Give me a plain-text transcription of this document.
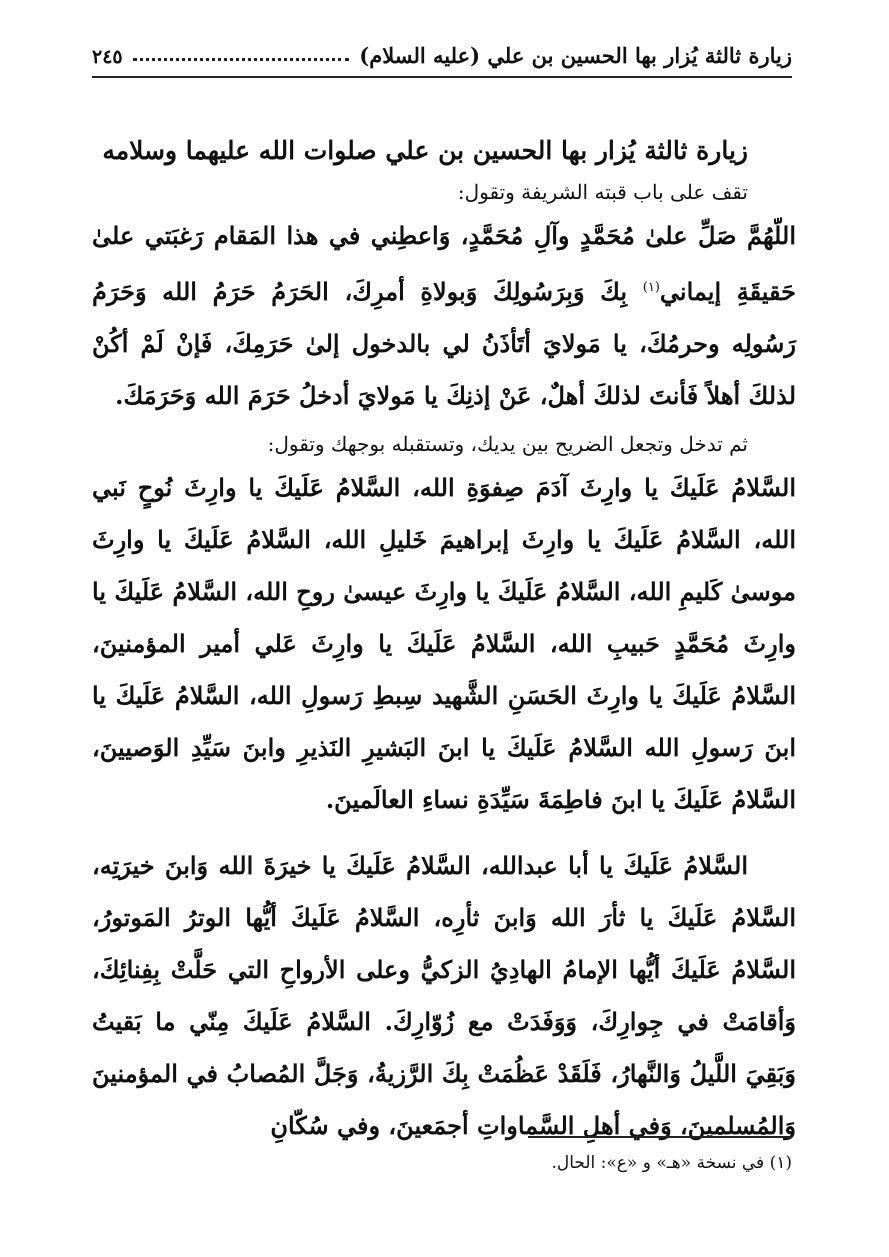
زيارة ثالثة يُزار بها الحسين بن علي (عليه السلام)
٢٤٥

زيارة ثالثة يُزار بها الحسين بن علي صلوات الله عليهما وسلامه

تقف على باب قبته الشريفة وتقول:

اللّهُمَّ صَلِّ علىٰ مُحَمَّدٍ وآلِ مُحَمَّدٍ، وَاعطِني في هذا المَقام رَغبَتي علىٰ حَقيقَةِ إيماني$^{(١)}$ بِكَ وَبِرَسُولِكَ وَبولاةِ أمرِكَ، الحَرَمُ حَرَمُ الله وَحَرَمُ رَسُولِه وحرمُكَ، يا مَولايَ أتَأذَنُ لي بالدخول إلىٰ حَرَمِكَ، فَإنْ لَمْ أكُنْ لذلكَ أهلاً فَأنتَ لذلكَ أهلٌ، عَنْ إذنِكَ يا مَولايَ أدخلُ حَرَمَ الله وَحَرَمَكَ.

ثم تدخل وتجعل الضريح بين يديك، وتستقبله بوجهك وتقول:

السَّلامُ عَلَيكَ يا وارِثَ آدَمَ صِفوَةِ الله، السَّلامُ عَلَيكَ يا وارِثَ نُوحٍ نَبي الله، السَّلامُ عَلَيكَ يا وارِثَ إبراهيمَ خَليلِ الله، السَّلامُ عَلَيكَ يا وارِثَ موسىٰ كَليمِ الله، السَّلامُ عَلَيكَ يا وارِثَ عيسىٰ روحِ الله، السَّلامُ عَلَيكَ يا وارِثَ مُحَمَّدٍ حَبيبِ الله، السَّلامُ عَلَيكَ يا وارِثَ عَلي أمير المؤمنينَ، السَّلامُ عَلَيكَ يا وارِثَ الحَسَنِ الشَّهيد سِبطِ رَسولِ الله، السَّلامُ عَلَيكَ يا ابنَ رَسولِ الله السَّلامُ عَلَيكَ يا ابنَ البَشيرِ النَذيرِ وابنَ سَيِّدِ الوَصيينَ، السَّلامُ عَلَيكَ يا ابنَ فاطِمَةَ سَيِّدَةِ نساءِ العالَمينَ.

السَّلامُ عَلَيكَ يا أبا عبدالله، السَّلامُ عَلَيكَ يا خيرَةَ الله وَابنَ خيرَتِه، السَّلامُ عَلَيكَ يا ثأرَ الله وَابنَ ثأرِه، السَّلامُ عَلَيكَ أيُّها الوترُ المَوتورُ، السَّلامُ عَلَيكَ أيُّها الإمامُ الهادِيُ الزكيُّ وعلى الأرواحِ التي حَلَّتْ بِفِنائِكَ، وَأقامَتْ في جِوارِكَ، وَوَفَدَتْ مع زُوّارِكَ. السَّلامُ عَلَيكَ مِنّي ما بَقيتُ وَبَقِيَ اللَّيلُ وَالنَّهارُ، فَلَقَدْ عَظُمَتْ بِكَ الرَّزيةُ، وَجَلَّ المُصابُ في المؤمنينَ وَالمُسلمينَ، وَفي أهلِ السَّماواتِ أجمَعينَ، وفي سُكّانِ

(١) في نسخة «هـ» و «ع»: الحال.
